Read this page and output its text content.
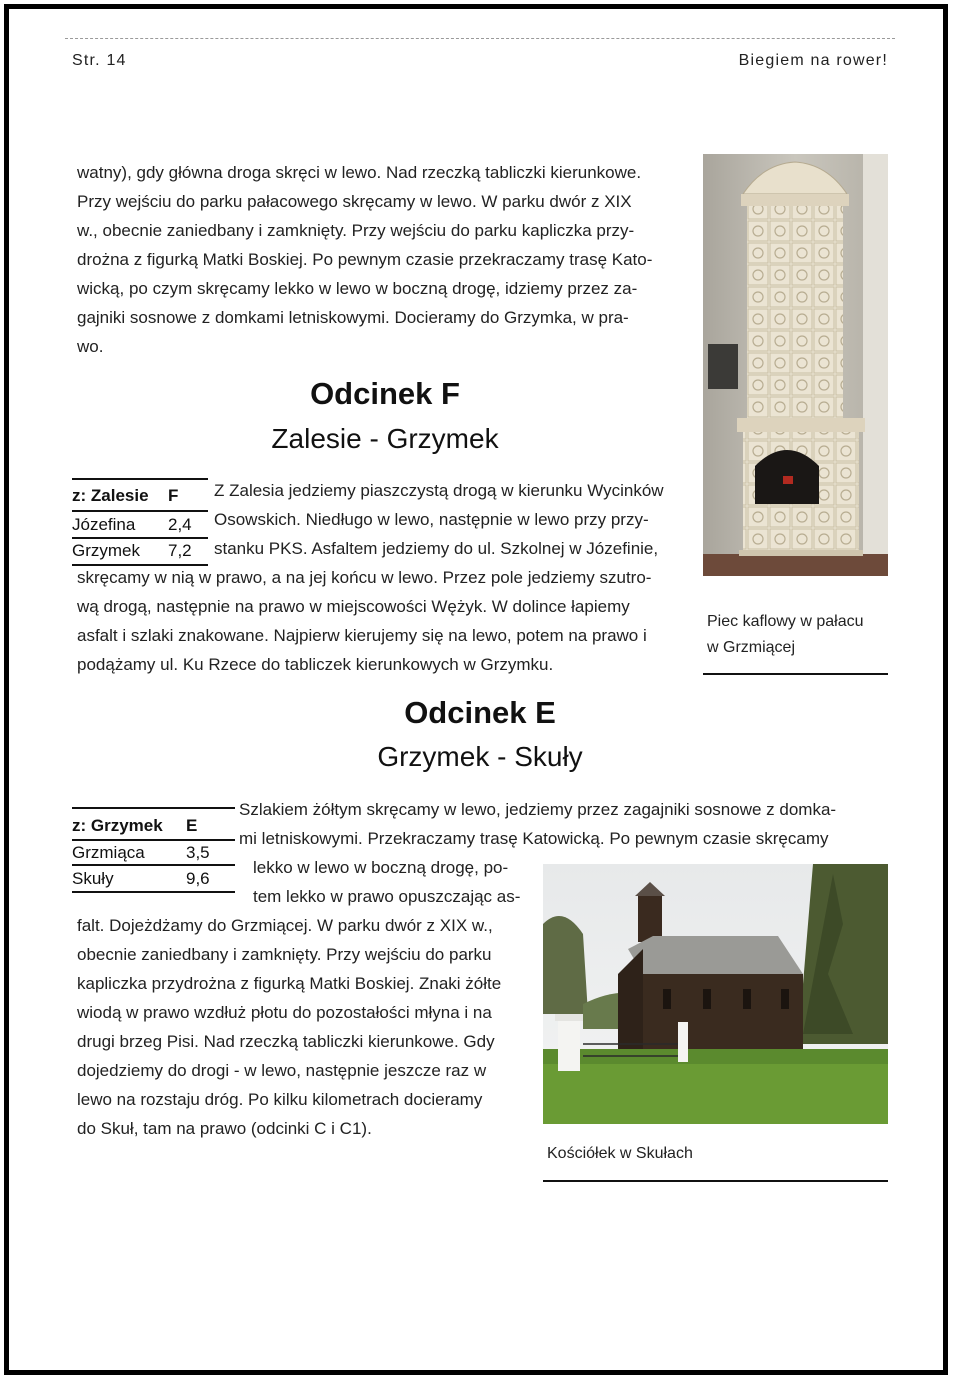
Str. 14	Biegiem na rower!
watny), gdy główna droga skręci w lewo. Nad rzeczką tabliczki kierunkowe.
Przy wejściu do parku pałacowego skręcamy w lewo. W parku dwór z XIX
w., obecnie zaniedbany i zamknięty. Przy wejściu do parku kapliczka przy-
drożna z figurką Matki Boskiej. Po pewnym czasie przekraczamy trasę Kato-
wicką, po czym skręcamy lekko w lewo w boczną drogę, idziemy przez za-
gajniki sosnowe z domkami letniskowymi. Docieramy do Grzymka, w pra-
wo.
Piec kaflowy w pałacu
w Grzmiącej
Odcinek F
Zalesie - Grzymek
z: Zalesie F
Józefina 2,4
Grzymek 7,2
Z Zalesia jedziemy piaszczystą drogą w kierunku Wycinków
Osowskich. Niedługo w lewo, następnie w lewo przy przy-
stanku PKS. Asfaltem jedziemy do ul. Szkolnej w Józefinie,
skręcamy w nią w prawo, a na jej końcu w lewo. Przez pole jedziemy szutro-
wą drogą, następnie na prawo w miejscowości Wężyk. W dolince łapiemy
asfalt i szlaki znakowane. Najpierw kierujemy się na lewo, potem na prawo i
podążamy ul. Ku Rzece do tabliczek kierunkowych w Grzymku.
Odcinek E
Grzymek - Skuły
z: Grzymek E
Grzmiąca 3,5
Skuły	9,6
Szlakiem żółtym skręcamy w lewo, jedziemy przez zagajniki sosnowe z domka-
mi letniskowymi. Przekraczamy trasę Katowicką. Po pewnym czasie skręcamy
lekko w lewo w boczną drogę, po-
tem lekko w prawo opuszczając as-
falt. Dojeżdżamy do Grzmiącej. W parku dwór z XIX w.,
obecnie zaniedbany i zamknięty. Przy wejściu do parku
kapliczka przydrożna z figurką Matki Boskiej. Znaki żółte
wiodą w prawo wzdłuż płotu do pozostałości młyna i na
drugi brzeg Pisi. Nad rzeczką tabliczki kierunkowe. Gdy
dojedziemy do drogi - w lewo, następnie jeszcze raz w
lewo na rozstaju dróg. Po kilku kilometrach docieramy
do Skuł, tam na prawo (odcinki C i C1).
Kościółek w Skułach
